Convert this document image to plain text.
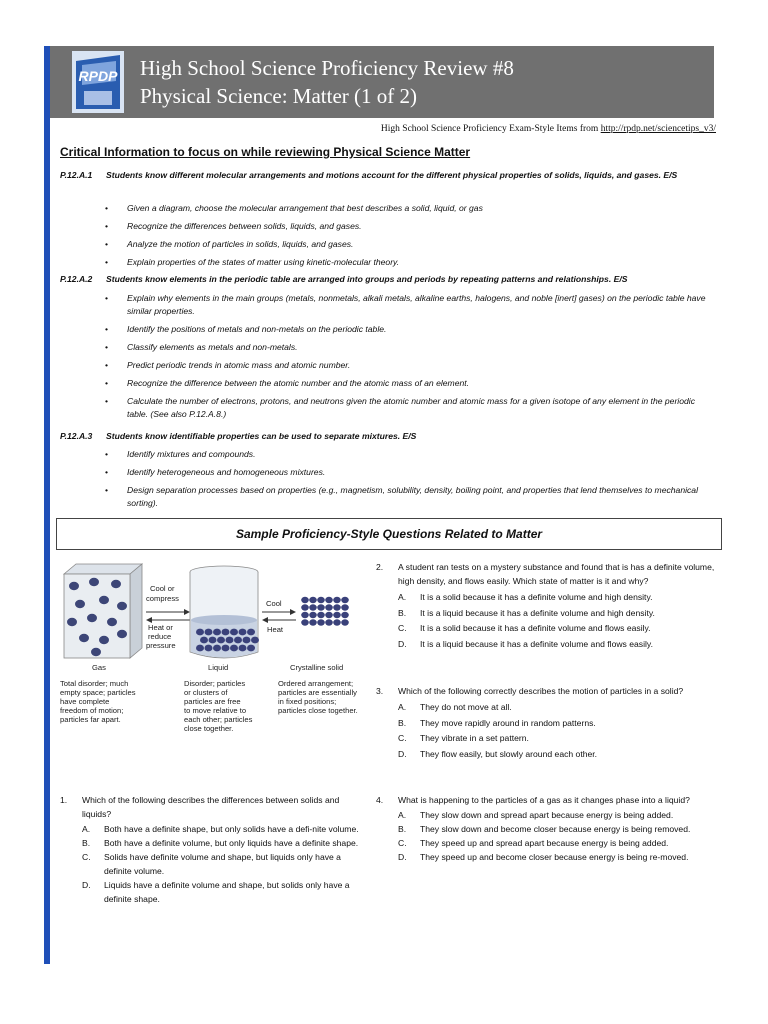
RPDP High School Science Proficiency Review #8
Physical Science: Matter (1 of 2)
High School Science Proficiency Exam-Style Items from http://rpdp.net/sciencetips_v3/
Critical Information to focus on while reviewing Physical Science Matter
P.12.A.1 Students know different molecular arrangements and motions account for the different physical properties of solids, liquids, and gases. E/S
• Given a diagram, choose the molecular arrangement that best describes a solid, liquid, or gas
• Recognize the differences between solids, liquids, and gases.
• Analyze the motion of particles in solids, liquids, and gases.
• Explain properties of the states of matter using kinetic-molecular theory.
P.12.A.2 Students know elements in the periodic table are arranged into groups and periods by repeating patterns and relationships. E/S
• Explain why elements in the main groups (metals, nonmetals, alkali metals, alkaline earths, halogens, and noble [inert] gases) on the periodic table have similar properties.
• Identify the positions of metals and non-metals on the periodic table.
• Classify elements as metals and non-metals.
• Predict periodic trends in atomic mass and atomic number.
• Recognize the difference between the atomic number and the atomic mass of an element.
• Calculate the number of electrons, protons, and neutrons given the atomic number and atomic mass for a given isotope of any element in the periodic table. (See also P.12.A.8.)
P.12.A.3 Students know identifiable properties can be used to separate mixtures. E/S
• Identify mixtures and compounds.
• Identify heterogeneous and homogeneous mixtures.
• Design separation processes based on properties (e.g., magnetism, solubility, density, boiling point, and properties that lend themselves to mechanical sorting).
Sample Proficiency-Style Questions Related to Matter
Cool or
compress
Heat or
reduce
pressure
Cool
Heat
Gas	Liquid	Crystalline solid
Total disorder; much
empty space; particles
have complete
freedom of motion;
particles far apart.
Disorder; particles
or clusters of
particles are free
to move relative to
each other; particles
close together.
Ordered arrangement;
particles are essentially
in fixed positions;
particles close together.
2. A student ran tests on a mystery substance and found that is has a definite volume, high density, and flows easily. Which state of matter is it and why?
A. It is a solid because it has a definite volume and high density.
B. It is a liquid because it has a definite volume and high density.
C. It is a solid because it has a definite volume and flows easily.
D. It is a liquid because it has a definite volume and flows easily.
3. Which of the following correctly describes the motion of particles in a solid?
A. They do not move at all.
B. They move rapidly around in random patterns.
C. They vibrate in a set pattern.
D. They flow easily, but slowly around each other.
1. Which of the following describes the differences between solids and liquids?
A. Both have a definite shape, but only solids have a defi-nite volume.
B. Both have a definite volume, but only liquids have a definite shape.
C. Solids have definite volume and shape, but liquids only have a definite volume.
D. Liquids have a definite volume and shape, but solids only have a definite shape.
4. What is happening to the particles of a gas as it changes phase into a liquid?
A. They slow down and spread apart because energy is being added.
B. They slow down and become closer because energy is being removed.
C. They speed up and spread apart because energy is being added.
D. They speed up and become closer because energy is being re-moved.
